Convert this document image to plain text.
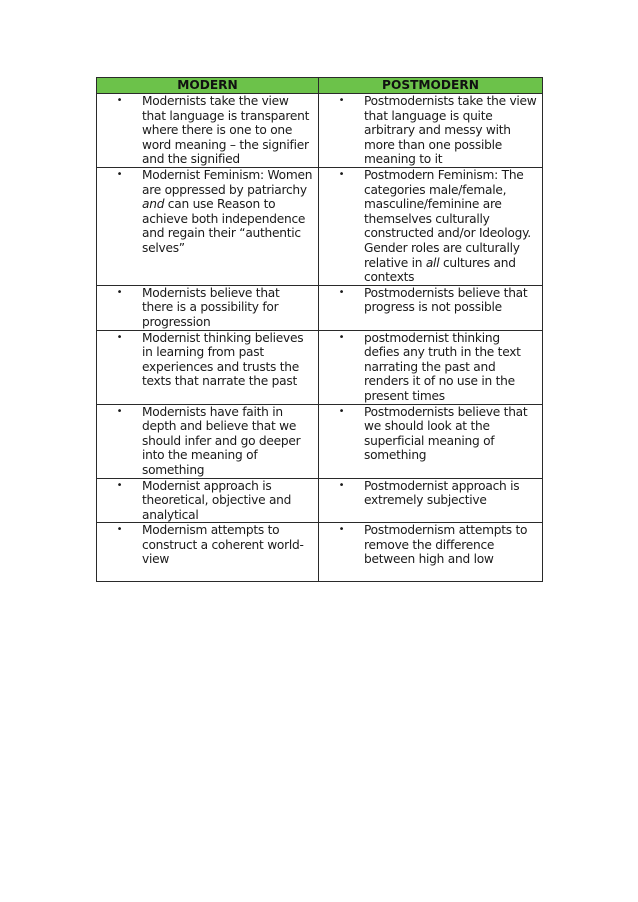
MODERN	POSTMODERN

• Modernists take the view that language is transparent where there is one to one word meaning – the signifier and the signified	• Postmodernists take the view that language is quite arbitrary and messy with more than one possible meaning to it

• Modernist Feminism: Women are oppressed by patriarchy and can use Reason to achieve both independence and regain their “authentic selves”	• Postmodern Feminism: The categories male/female, masculine/feminine are themselves culturally constructed and/or Ideology. Gender roles are culturally relative in all cultures and contexts

• Modernists believe that there is a possibility for progression	• Postmodernists believe that progress is not possible

• Modernist thinking believes in learning from past experiences and trusts the texts that narrate the past	• postmodernist thinking defies any truth in the text narrating the past and renders it of no use in the present times

• Modernists have faith in depth and believe that we should infer and go deeper into the meaning of something	• Postmodernists believe that we should look at the superficial meaning of something

• Modernist approach is theoretical, objective and analytical	• Postmodernist approach is extremely subjective

• Modernism attempts to construct a coherent world-view	• Postmodernism attempts to remove the difference between high and low
